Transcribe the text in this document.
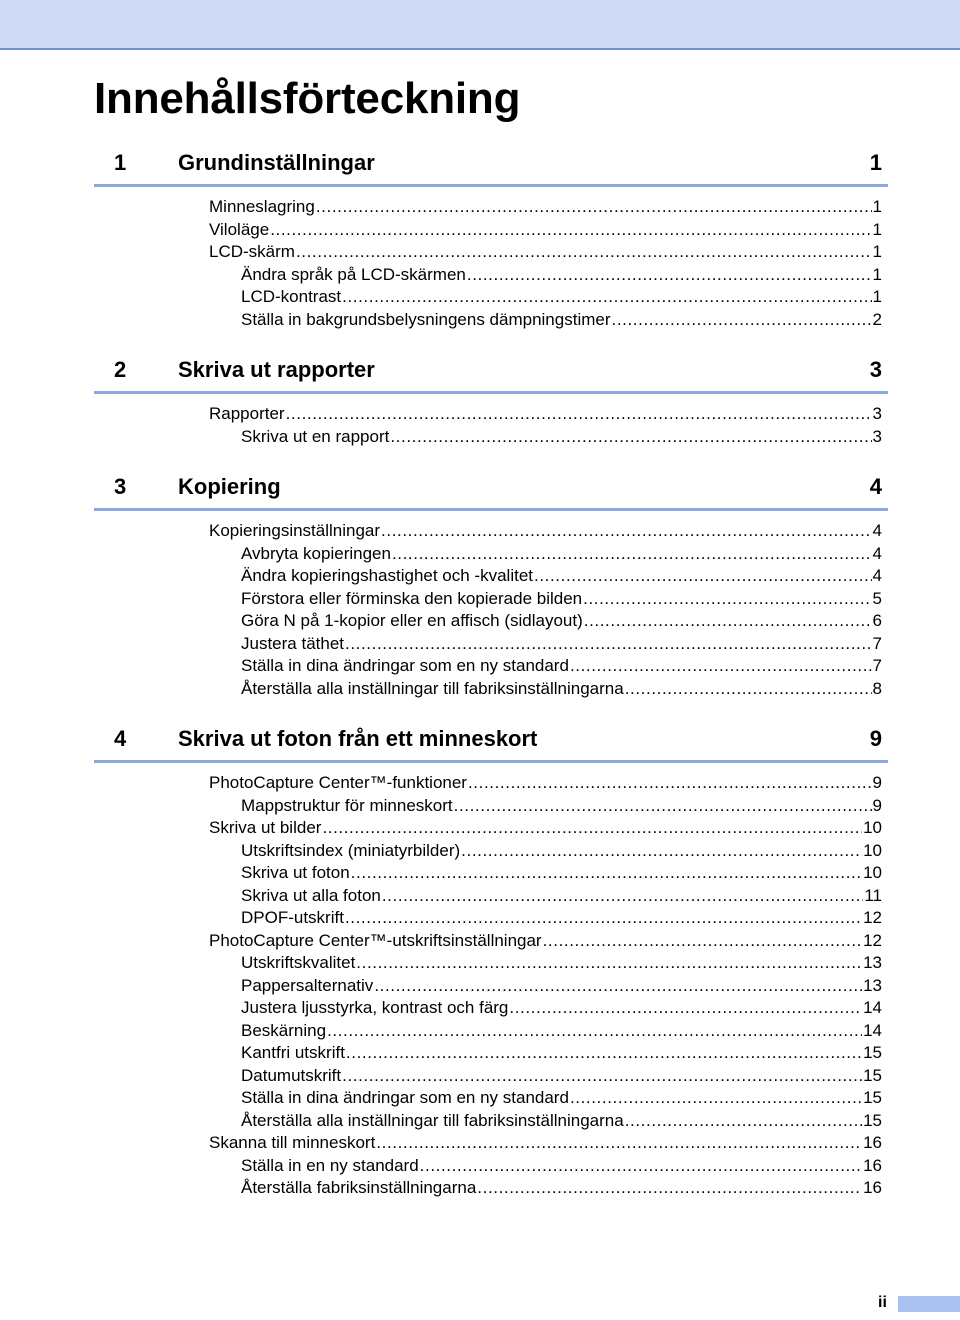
Innehållsförteckning
1	Grundinställningar	1
Minneslagring .....	1
Viloläge .....	1
LCD-skärm .....	1
Ändra språk på LCD-skärmen .....	1
LCD-kontrast .....	1
Ställa in bakgrundsbelysningens dämpningstimer .....	2
2	Skriva ut rapporter	3
Rapporter .....	3
Skriva ut en rapport .....	3
3	Kopiering	4
Kopieringsinställningar .....	4
Avbryta kopieringen .....	4
Ändra kopieringshastighet och -kvalitet .....	4
Förstora eller förminska den kopierade bilden .....	5
Göra N på 1-kopior eller en affisch (sidlayout) .....	6
Justera täthet .....	7
Ställa in dina ändringar som en ny standard .....	7
Återställa alla inställningar till fabriksinställningarna .....	8
4	Skriva ut foton från ett minneskort	9
PhotoCapture Center™-funktioner .....	9
Mappstruktur för minneskort .....	9
Skriva ut bilder .....	10
Utskriftsindex (miniatyrbilder) .....	10
Skriva ut foton .....	10
Skriva ut alla foton .....	11
DPOF-utskrift .....	12
PhotoCapture Center™-utskriftsinställningar .....	12
Utskriftskvalitet .....	13
Pappersalternativ .....	13
Justera ljusstyrka, kontrast och färg .....	14
Beskärning .....	14
Kantfri utskrift .....	15
Datumutskrift .....	15
Ställa in dina ändringar som en ny standard .....	15
Återställa alla inställningar till fabriksinställningarna .....	15
Skanna till minneskort .....	16
Ställa in en ny standard .....	16
Återställa fabriksinställningarna .....	16
ii
